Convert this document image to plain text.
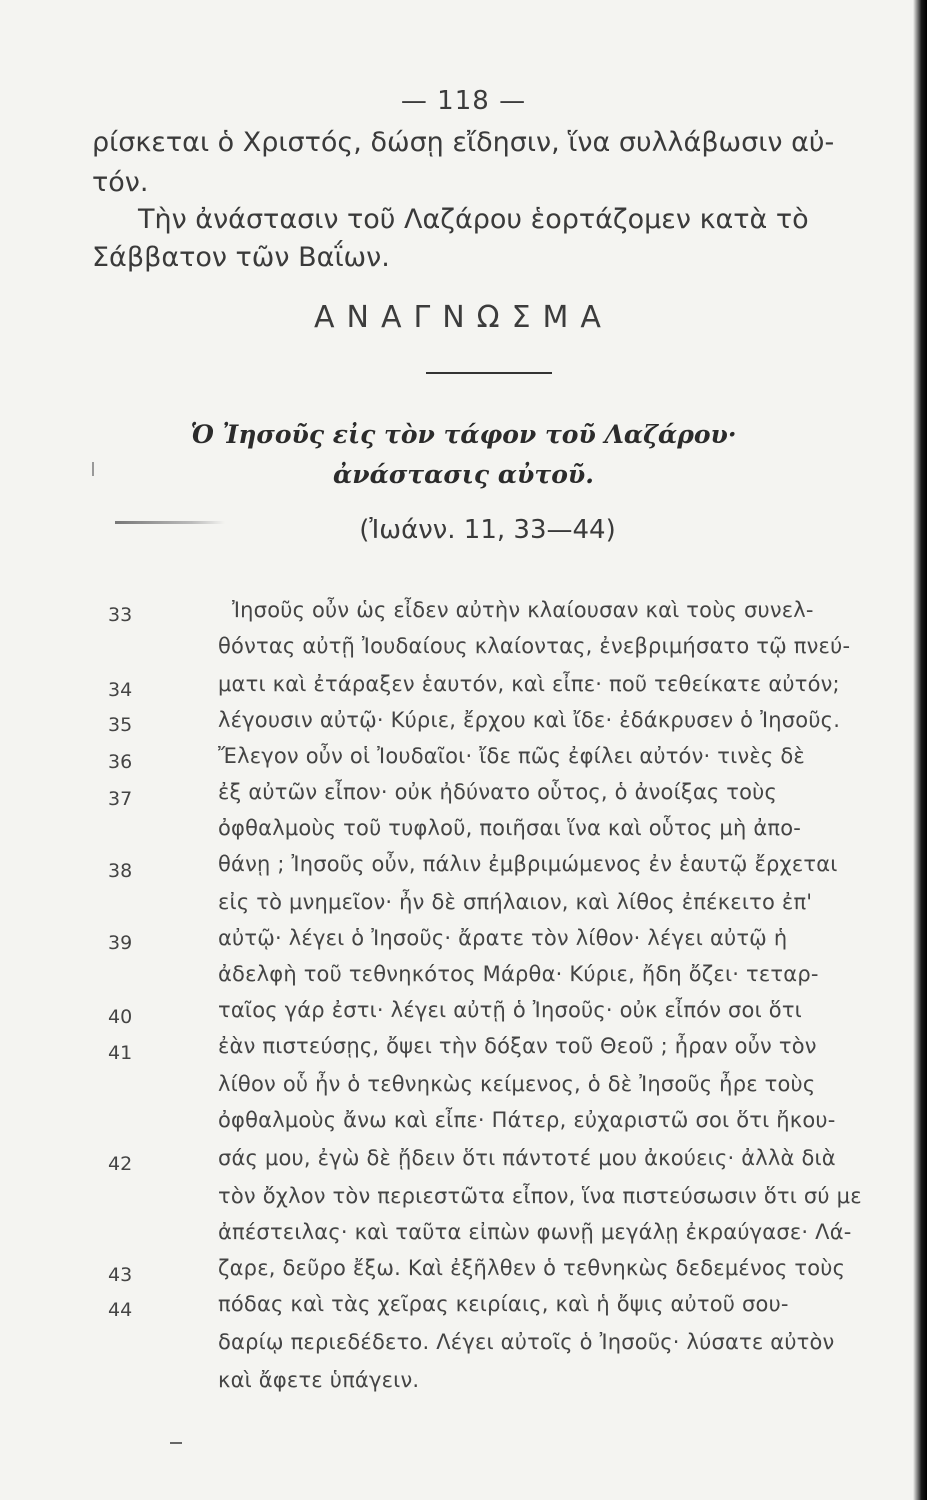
— 118 —
ρίσκεται ὁ Χριστός, δώσῃ εἴδησιν, ἵνα συλλάβωσιν αὐ-
τόν.
Τὴν ἀνάστασιν τοῦ Λαζάρου ἑορτάζομεν κατὰ τὸ
Σάββατον τῶν Βαΐων.
ΑΝΑΓΝΩΣΜΑ
Ὁ Ἰησοῦς εἰς τὸν τάφον τοῦ Λαζάρου·
ἀνάστασις αὐτοῦ.
(Ἰωάνν. 11, 33—44)
33
34
35
36
37
38
39
40
41
42
43
44
Ἰησοῦς οὖν ὡς εἶδεν αὐτὴν κλαίουσαν καὶ τοὺς συνελ-
θόντας αὐτῇ Ἰουδαίους κλαίοντας, ἐνεβριμήσατο τῷ πνεύ-
ματι καὶ ἐτάραξεν ἑαυτόν, καὶ εἶπε· ποῦ τεθείκατε αὐτόν;
λέγουσιν αὐτῷ· Κύριε, ἔρχου καὶ ἴδε· ἐδάκρυσεν ὁ Ἰησοῦς.
Ἔλεγον οὖν οἱ Ἰουδαῖοι· ἴδε πῶς ἐφίλει αὐτόν· τινὲς δὲ
ἐξ αὐτῶν εἶπον· οὐκ ἠδύνατο οὗτος, ὁ ἀνοίξας τοὺς
ὀφθαλμοὺς τοῦ τυφλοῦ, ποιῆσαι ἵνα καὶ οὗτος μὴ ἀπο-
θάνῃ ; Ἰησοῦς οὖν, πάλιν ἐμβριμώμενος ἐν ἑαυτῷ ἔρχεται
εἰς τὸ μνημεῖον· ἦν δὲ σπήλαιον, καὶ λίθος ἐπέκειτο ἐπ'
αὐτῷ· λέγει ὁ Ἰησοῦς· ἄρατε τὸν λίθον· λέγει αὐτῷ ἡ
ἀδελφὴ τοῦ τεθνηκότος Μάρθα· Κύριε, ἤδη ὄζει· τεταρ-
ταῖος γάρ ἐστι· λέγει αὐτῇ ὁ Ἰησοῦς· οὐκ εἶπόν σοι ὅτι
ἐὰν πιστεύσῃς, ὄψει τὴν δόξαν τοῦ Θεοῦ ; ἦραν οὖν τὸν
λίθον οὗ ἦν ὁ τεθνηκὼς κείμενος, ὁ δὲ Ἰησοῦς ἦρε τοὺς
ὀφθαλμοὺς ἄνω καὶ εἶπε· Πάτερ, εὐχαριστῶ σοι ὅτι ἤκου-
σάς μου, ἐγὼ δὲ ᾔδειν ὅτι πάντοτέ μου ἀκούεις· ἀλλὰ διὰ
τὸν ὄχλον τὸν περιεστῶτα εἶπον, ἵνα πιστεύσωσιν ὅτι σύ με
ἀπέστειλας· καὶ ταῦτα εἰπὼν φωνῇ μεγάλῃ ἐκραύγασε· Λά-
ζαρε, δεῦρο ἔξω. Καὶ ἐξῆλθεν ὁ τεθνηκὼς δεδεμένος τοὺς
πόδας καὶ τὰς χεῖρας κειρίαις, καὶ ἡ ὄψις αὐτοῦ σου-
δαρίῳ περιεδέδετο. Λέγει αὐτοῖς ὁ Ἰησοῦς· λύσατε αὐτὸν
καὶ ἄφετε ὑπάγειν.
